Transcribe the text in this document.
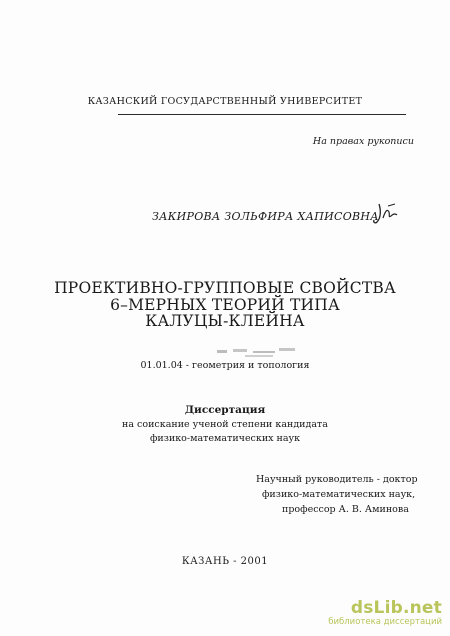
КАЗАНСКИЙ ГОСУДАРСТВЕННЫЙ УНИВЕРСИТЕТ
На правах рукописи
ЗАКИРОВА ЗОЛЬФИРА ХАПИСОВНА
ПРОЕКТИВНО-ГРУППОВЫЕ СВОЙСТВА
6–МЕРНЫХ ТЕОРИЙ ТИПА
КАЛУЦЫ-КЛЕЙНА
01.01.04 - геометрия и топология
Диссертация
на соискание ученой степени кандидата
физико-математических наук
Научный руководитель - доктор
физико-математических наук,
профессор А. В. Аминова
КАЗАНЬ - 2001
dsLib.net
библиотека диссертаций
